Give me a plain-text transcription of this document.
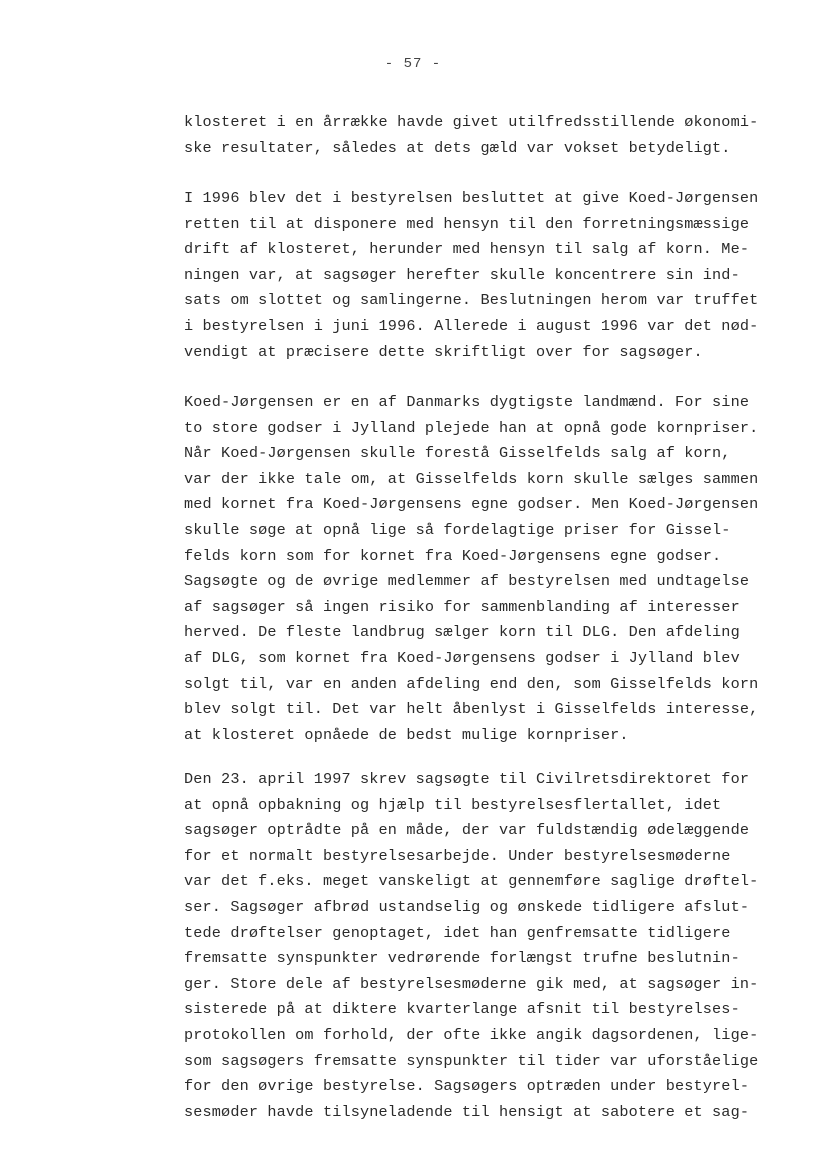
- 57 -
klosteret i en årrække havde givet utilfredsstillende økonomi-
ske resultater, således at dets gæld var vokset betydeligt.
I 1996 blev det i bestyrelsen besluttet at give Koed-Jørgensen
retten til at disponere med hensyn til den forretningsmæssige
drift af klosteret, herunder med hensyn til salg af korn. Me-
ningen var, at sagsøger herefter skulle koncentrere sin ind-
sats om slottet og samlingerne. Beslutningen herom var truffet
i bestyrelsen i juni 1996. Allerede i august 1996 var det nød-
vendigt at præcisere dette skriftligt over for sagsøger.
Koed-Jørgensen er en af Danmarks dygtigste landmænd. For sine
to store godser i Jylland plejede han at opnå gode kornpriser.
Når Koed-Jørgensen skulle forestå Gisselfelds salg af korn,
var der ikke tale om, at Gisselfelds korn skulle sælges sammen
med kornet fra Koed-Jørgensens egne godser. Men Koed-Jørgensen
skulle søge at opnå lige så fordelagtige priser for Gissel-
felds korn som for kornet fra Koed-Jørgensens egne godser.
Sagsøgte og de øvrige medlemmer af bestyrelsen med undtagelse
af sagsøger så ingen risiko for sammenblanding af interesser
herved. De fleste landbrug sælger korn til DLG. Den afdeling
af DLG, som kornet fra Koed-Jørgensens godser i Jylland blev
solgt til, var en anden afdeling end den, som Gisselfelds korn
blev solgt til. Det var helt åbenlyst i Gisselfelds interesse,
at klosteret opnåede de bedst mulige kornpriser.
Den 23. april 1997 skrev sagsøgte til Civilretsdirektoret for
at opnå opbakning og hjælp til bestyrelsesflertallet, idet
sagsøger optrådte på en måde, der var fuldstændig ødelæggende
for et normalt bestyrelsesarbejde. Under bestyrelsesmøderne
var det f.eks. meget vanskeligt at gennemføre saglige drøftel-
ser. Sagsøger afbrød ustandselig og ønskede tidligere afslut-
tede drøftelser genoptaget, idet han genfremsatte tidligere
fremsatte synspunkter vedrørende forlængst trufne beslutnin-
ger. Store dele af bestyrelsesmøderne gik med, at sagsøger in-
sisterede på at diktere kvarterlange afsnit til bestyrelses-
protokollen om forhold, der ofte ikke angik dagsordenen, lige-
som sagsøgers fremsatte synspunkter til tider var uforståelige
for den øvrige bestyrelse. Sagsøgers optræden under bestyrel-
sesmøder havde tilsyneladende til hensigt at sabotere et sag-
